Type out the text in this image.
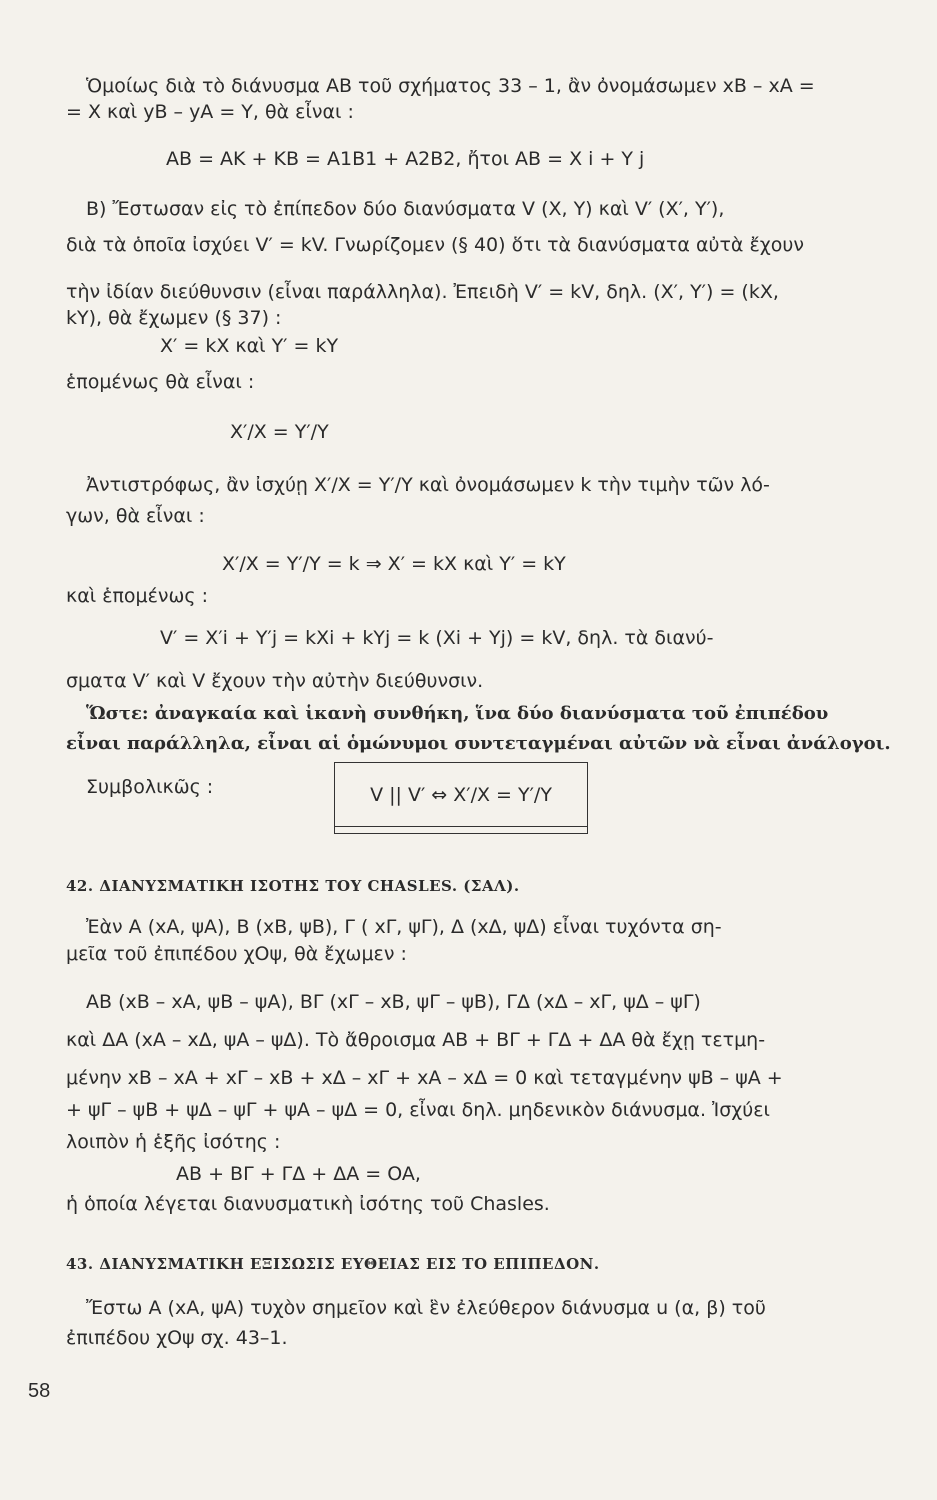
Ὁμοίως διὰ τὸ διάνυσμα AB τοῦ σχήματος 33 – 1, ἂν ὀνομάσωμεν xB – xA =
= X καὶ yB – yA = Y, θὰ εἶναι :
AB = AK + KB = A1B1 + A2B2, ἤτοι AB = X i + Y j
B) Ἔστωσαν εἰς τὸ ἐπίπεδον δύο διανύσματα V (X, Y) καὶ V′ (X′, Y′),
διὰ τὰ ὁποῖα ἰσχύει V′ = kV. Γνωρίζομεν (§ 40) ὅτι τὰ διανύσματα αὐτὰ ἔχουν
τὴν ἰδίαν διεύθυνσιν (εἶναι παράλληλα). Ἐπειδὴ V′ = kV, δηλ. (X′, Y′) = (kX,
kY), θὰ ἔχωμεν (§ 37) :
X′ = kX καὶ Y′ = kY
ἑπομένως θὰ εἶναι :
X′/X = Y′/Y
Ἀντιστρόφως, ἂν ἰσχύῃ X′/X = Y′/Y καὶ ὀνομάσωμεν k τὴν τιμὴν τῶν λό-
γων, θὰ εἶναι :
X′/X = Y′/Y = k ⇒ X′ = kX καὶ Y′ = kY
καὶ ἑπομένως :
V′ = X′i + Y′j = kXi + kYj = k (Xi + Yj) = kV, δηλ. τὰ διανύ-
σματα V′ καὶ V ἔχουν τὴν αὐτὴν διεύθυνσιν.
Ὥστε: ἀναγκαία καὶ ἱκανὴ συνθήκη, ἵνα δύο διανύσματα τοῦ ἐπιπέδου
εἶναι παράλληλα, εἶναι αἱ ὁμώνυμοι συντεταγμέναι αὐτῶν νὰ εἶναι ἀνάλογοι.
Συμβολικῶς :	V || V′ ⇔ X′/X = Y′/Y
42. ΔΙΑΝΥΣΜΑΤΙΚΗ ΙΣΟΤΗΣ ΤΟΥ CHASLES. (ΣΑΛ).
Ἐὰν A (xA, ψA), B (xB, ψB), Γ ( xΓ, ψΓ), Δ (xΔ, ψΔ) εἶναι τυχόντα ση-
μεῖα τοῦ ἐπιπέδου χOψ, θὰ ἔχωμεν :
AB (xB – xA, ψB – ψA), BΓ (xΓ – xB, ψΓ – ψB), ΓΔ (xΔ – xΓ, ψΔ – ψΓ)
καὶ ΔA (xA – xΔ, ψA – ψΔ). Τὸ ἄθροισμα AB + BΓ + ΓΔ + ΔA θὰ ἔχῃ τετμη-
μένην xB – xA + xΓ – xB + xΔ – xΓ + xA – xΔ = 0 καὶ τεταγμένην ψB – ψA +
+ ψΓ – ψB + ψΔ – ψΓ + ψA – ψΔ = 0, εἶναι δηλ. μηδενικὸν διάνυσμα. Ἰσχύει
λοιπὸν ἡ ἑξῆς ἰσότης :
AB + BΓ + ΓΔ + ΔA = OA,
ἡ ὁποία λέγεται διανυσματικὴ ἰσότης τοῦ Chasles.
43. ΔΙΑΝΥΣΜΑΤΙΚΗ ΕΞΙΣΩΣΙΣ ΕΥΘΕΙΑΣ ΕΙΣ ΤΟ ΕΠΙΠΕΔΟΝ.
Ἔστω A (xA, ψA) τυχὸν σημεῖον καὶ ἓν ἐλεύθερον διάνυσμα u (α, β) τοῦ
ἐπιπέδου χOψ σχ. 43–1.
58
